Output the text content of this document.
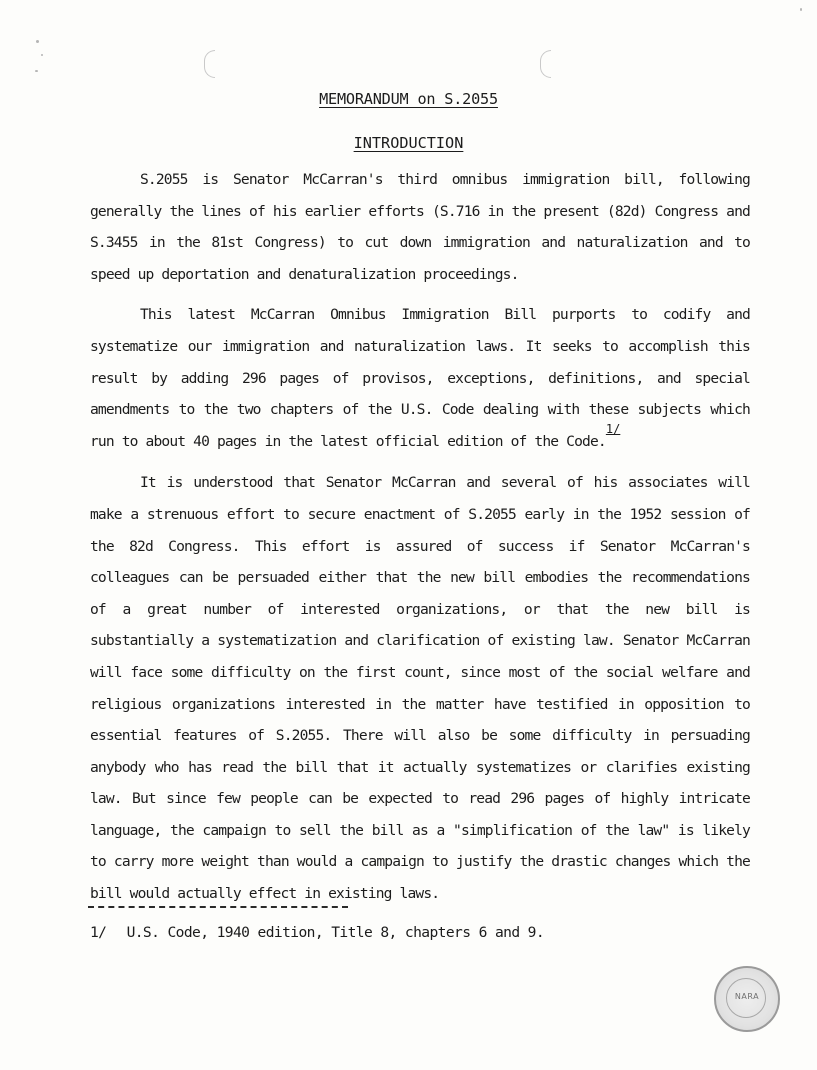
MEMORANDUM on S.2055
INTRODUCTION

S.2055 is Senator McCarran's third omnibus immigration bill, following generally the lines of his earlier efforts (S.716 in the present (82d) Congress and S.3455 in the 81st Congress) to cut down immigration and naturalization and to speed up deportation and denaturalization proceedings.

This latest McCarran Omnibus Immigration Bill purports to codify and systematize our immigration and naturalization laws. It seeks to accomplish this result by adding 296 pages of provisos, exceptions, definitions, and special amendments to the two chapters of the U.S. Code dealing with these subjects which run to about 40 pages in the latest official edition of the Code.$^{1/}$

It is understood that Senator McCarran and several of his associates will make a strenuous effort to secure enactment of S.2055 early in the 1952 session of the 82d Congress. This effort is assured of success if Senator McCarran's colleagues can be persuaded either that the new bill embodies the recommendations of a great number of interested organizations, or that the new bill is substantially a systematization and clarification of existing law. Senator McCarran will face some difficulty on the first count, since most of the social welfare and religious organizations interested in the matter have testified in opposition to essential features of S.2055. There will also be some difficulty in persuading anybody who has read the bill that it actually systematizes or clarifies existing law. But since few people can be expected to read 296 pages of highly intricate language, the campaign to sell the bill as a "simplification of the law" is likely to carry more weight than would a campaign to justify the drastic changes which the bill would actually effect in existing laws.

1/ U.S. Code, 1940 edition, Title 8, chapters 6 and 9.
NARA
